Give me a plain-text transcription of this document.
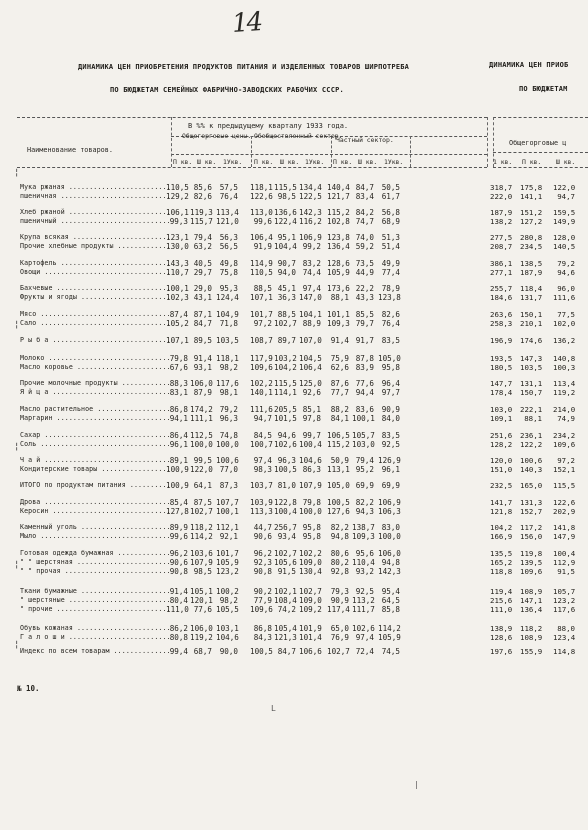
14
ДИНАМИКА ЦЕН ПРИОБРЕТЕНИЯ ПРОДУКТОВ ПИТАНИЯ И ИЗДЕЛЕННЫХ ТОВАРОВ ШИРПОТРЕБА
ПО БЮДЖЕТАМ СЕМЕЙНЫХ ФАБРИЧНО-ЗАВОДСКИХ РАБОЧИХ СССР.
ДИНАМИКА ЦЕН ПРИОБ
ПО БЮДЖЕТАМ
Наименование товаров.
В %% к предыдущему кварталу 1933 года.
Общегорговые цены. Обобществленный сектор.
Частный сектор.
П кв. Ш кв. 1Укв. П кв. Ш кв. 1Укв. П кв. Ш кв. 1Укв.
Общегорговые ц
1 кв. П кв. Ш кв.
Мука ржаная .....	110,5 85,6	57,5 118,1 115,5 134,4 140,4 84,7	50,5	318,7 175,8 122,0
пшеничная .....	129,2 82,6	76,4 122,6 98,5 122,5 121,7 83,4	61,7	222,0 141,1	94,7
Хлеб ржаной .....	106,1 119,3 113,4 113,0 136,6 142,3 115,2 84,2	56,8	187,9 151,2 159,5
пшеничный .....	99,3 115,7 121,0	99,6 122,4 116,2 102,8 74,7	68,9	138,2 127,2 149,9
Крупа всякая .....	123,1 79,4	56,3 106,4 95,1 106,9 123,8 74,0	51,3	277,5 280,8 128,0
Прочие хлебные продукты .....	130,0 63,2	56,5	91,9 104,4 99,2 136,4 59,2	51,4	208,7 234,5 140,5
Картофель .....	143,3 40,5	49,8 114,9 90,7 83,2 128,6 73,5	49,9	386,1 138,5	79,2
Овощи .....	110,7 29,7	75,8 110,5 94,0 74,4 105,9 44,9	77,4	277,1 187,9	94,6
Бахчевые .....	100,1 29,0	95,3	88,5 45,1 97,4 173,6 22,2	78,9	255,7 118,4	96,0
Фрукты и ягоды .....	102,3 43,1 124,4 107,1 36,3 147,0	88,1 43,3 123,8	184,6 131,7 111,6
Мясо .....	87,4 87,1 104,9 101,7 88,5 104,1 101,1 85,5	82,6	263,6 150,1	77,5
Сало .....	105,2 84,7	71,8	97,2 102,7 88,9 109,3 79,7	76,4	258,3 210,1 102,0
Р ы б а .....	107,1 89,5 103,5 108,7 89,7 107,0	91,4 91,7	83,5	196,9 174,6 136,2
Молоко .....	79,8 91,4 118,1 117,9 103,2 104,5	75,9 87,8 105,0	193,5 147,3 140,8
Масло коровье .....	67,6 93,1	98,2 109,6 104,2 106,4	62,6 83,9	95,8	180,5 103,5 100,3
Прочие молочные продукты .....	88,3 106,0 117,6 102,2 115,5 125,0	87,6 77,6	96,4	147,7 131,1 113,4
Я й ц а .....	83,1 87,9	98,1 140,1 114,1 92,6	77,7 94,4	97,7	178,4 150,7 119,2
Масло растительное .....	86,8 174,2 79,2 111,6 205,5 85,1	88,2 83,6	90,9	103,0 222,1 214,0
Маргарин .....	94,1 111,1 96,3	94,7 101,5 97,8	84,1 100,1 84,0	109,1	88,1	74,9
Сахар .....	86,4 112,5 74,8	84,5 94,6 99,7 106,5 105,7 83,5	251,6 236,1 234,2
Соль .....	96,1 100,0 100,0 100,7 102,6 100,4 115,2 103,0 92,5	128,2 122,2 109,6
Ч а й .....	89,1 99,5 100,6	97,4 96,3 104,6	50,9 79,4 126,9	120,0 100,6	97,2
Кондитерские товары .....	100,9 122,0 77,0	98,3 100,5 86,3 113,1 95,2	96,1	151,0 140,3 152,1
ИТОГО по продуктам питания .....	100,9 64,1	87,3 103,7 81,0 107,9 105,0 69,9	69,9	232,5 165,0 115,5
Дрова .....	85,4 87,5 107,7 103,9 122,8 79,8 100,5 82,2 106,9	141,7 131,3 122,6
Керосин .....	127,8 102,7 100,1 113,3 100,4 100,0 127,6 94,3 106,3	121,8 152,7 202,9
Каменный уголь .....	89,9 118,2 112,1	44,7 256,7 95,8	82,2 138,7 83,0	104,2 117,2 141,8
Мыло .....	99,6 114,2 92,1	90,6 93,4 95,8	94,8 109,3 100,0	166,9 156,0 147,9
Готовая одежда бумажная .....	96,2 103,6 101,7	96,2 102,7 102,2	80,6 95,6 106,0	135,5 119,8 100,4
" " шерстяная .....	90,6 107,9 105,9	92,3 105,6 109,0	80,2 110,4 94,8	165,2 139,5 112,9
" " прочая .....	90,8 98,5 123,2	90,8 91,5 130,4	92,8 93,2 142,3	118,8 109,6	91,5
Ткани бумажные .....	91,4 105,1 100,2	90,2 102,1 102,7	79,3 92,5	95,4	119,4 108,9 105,7
" шерстяные .....	80,4 120,1 98,2	77,9 108,4 109,0	90,9 113,2 64,5	215,6 147,1 123,2
" прочие .....	111,0 77,6 105,5 109,6 74,2 109,2 117,4 111,7 85,8	111,0 136,4 117,6
Обувь кожаная .....	86,2 106,0 103,1	86,8 105,4 101,9	65,0 102,6 114,2	138,9 118,2	88,0
Г а л о ш и .....	80,8 119,2 104,6	84,3 121,3 101,4	76,9 97,4 105,9	128,6 108,9 123,4
Индекс по всем товарам .....	99,4 68,7	90,0 100,5 84,7 106,6 102,7 72,4	74,5	197,6 155,9 114,8
№ 10.
¦
¦
¦
¦
¦
L
|
